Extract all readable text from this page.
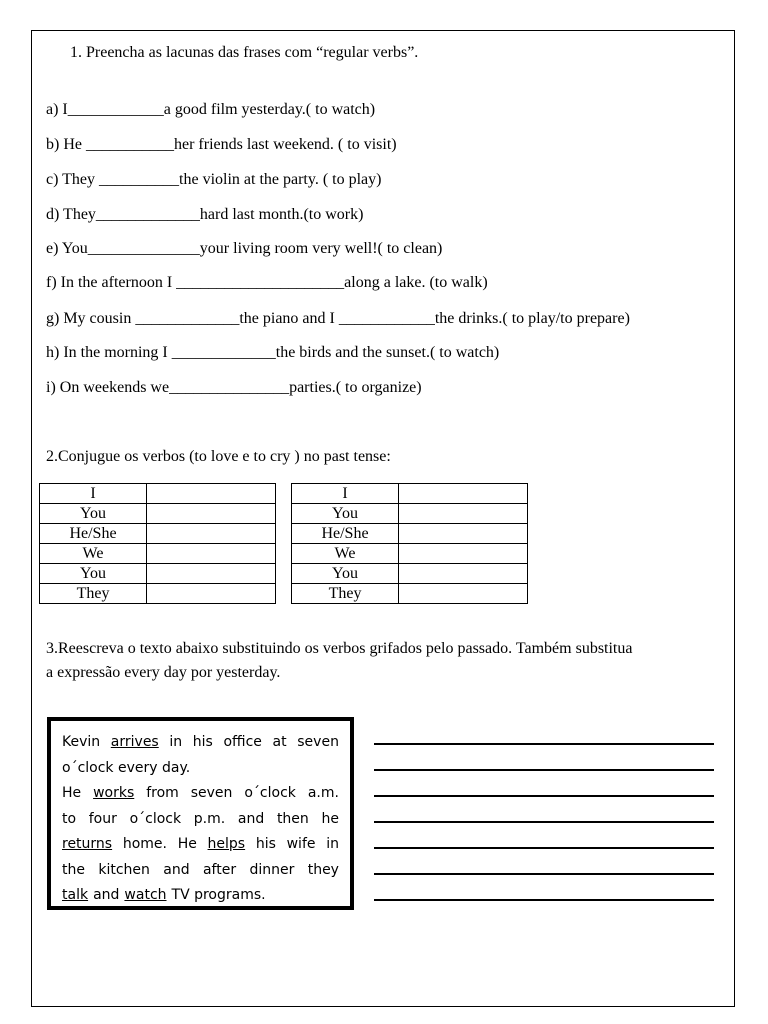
1. Preencha as lacunas das frases com “regular verbs”.
a) I____________a good film yesterday.( to watch)
b) He ___________her friends last weekend. ( to visit)
c) They __________the violin at the party. ( to play)
d) They_____________hard last month.(to work)
e) You______________your living room very well!( to clean)
f) In the afternoon I _____________________along a lake. (to walk)
g) My cousin _____________the piano and I ____________the drinks.( to play/to prepare)
h) In the morning I _____________the birds and the sunset.( to watch)
i) On weekends we_______________parties.( to organize)
2.Conjugue os verbos (to love e to cry ) no past tense:
I	
You	
He/She	
We	
You	
They	
I	
You	
He/She	
We	
You	
They	
3.Reescreva o texto abaixo substituindo os verbos grifados pelo passado. Também substitua
a expressão every day por yesterday.
Kevin arrives in his office at seven
o´clock every day.
He works from seven o´clock a.m.
to four o´clock p.m. and then he
returns home. He helps his wife in
the kitchen and after dinner they
talk and watch TV programs.
